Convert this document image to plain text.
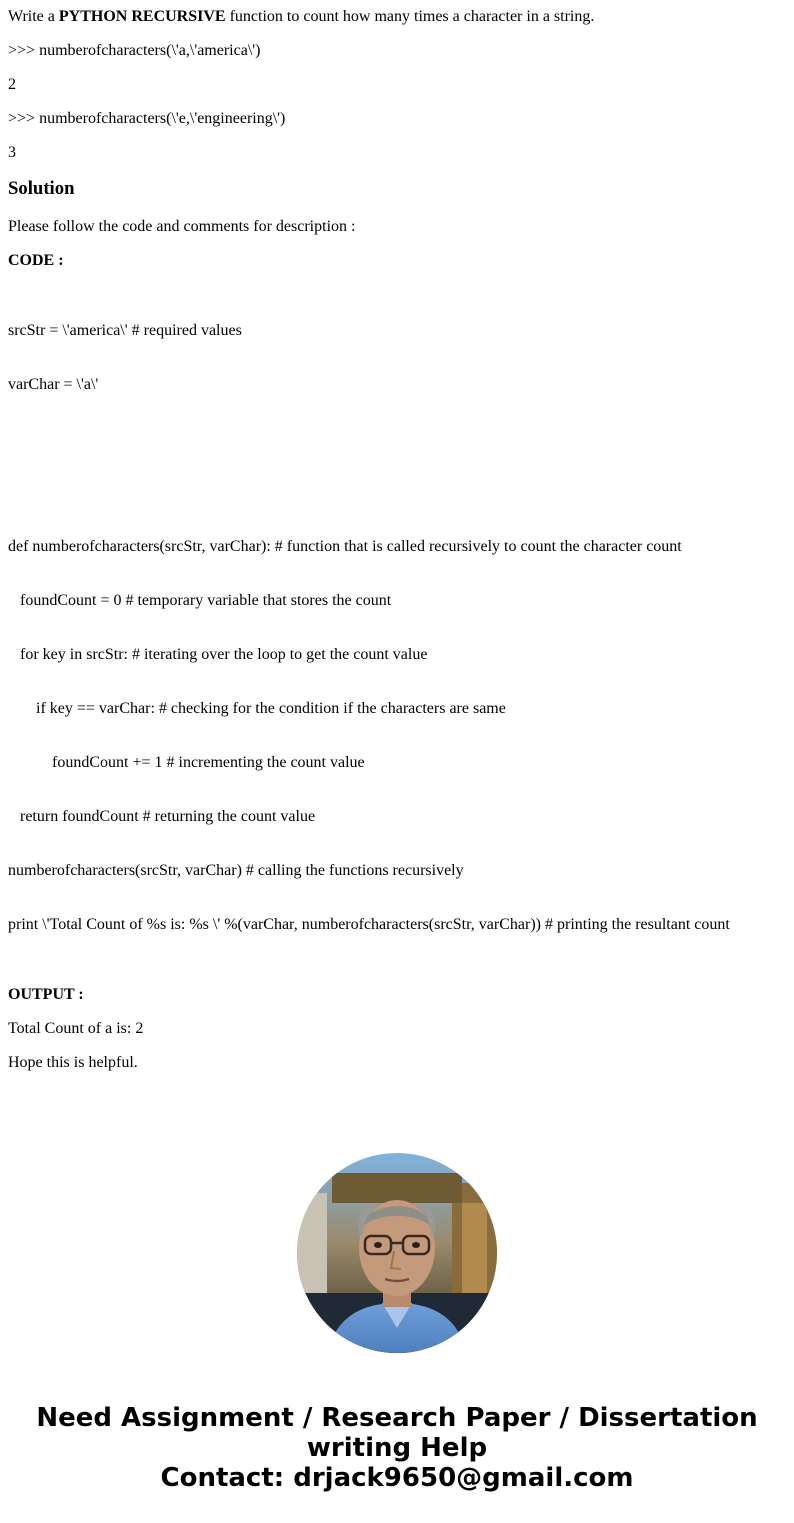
Write a PYTHON RECURSIVE function to count how many times a character in a string.

>>> numberofcharacters(\'a,\'america\')

2

>>> numberofcharacters(\'e,\'engineering\')

3

Solution

Please follow the code and comments for description :

CODE :

srcStr = \'america\' # required values

varChar = \'a\'

def numberofcharacters(srcStr, varChar): # function that is called recursively to count the character count

foundCount = 0 # temporary variable that stores the count

for key in srcStr: # iterating over the loop to get the count value

if key == varChar: # checking for the condition if the characters are same

foundCount += 1 # incrementing the count value

return foundCount # returning the count value

numberofcharacters(srcStr, varChar) # calling the functions recursively

print \'Total Count of %s is: %s \' %(varChar, numberofcharacters(srcStr, varChar)) # printing the resultant count

OUTPUT :

Total Count of a is: 2

Hope this is helpful.

Need Assignment / Research Paper / Dissertation
writing Help
Contact: drjack9650@gmail.com
